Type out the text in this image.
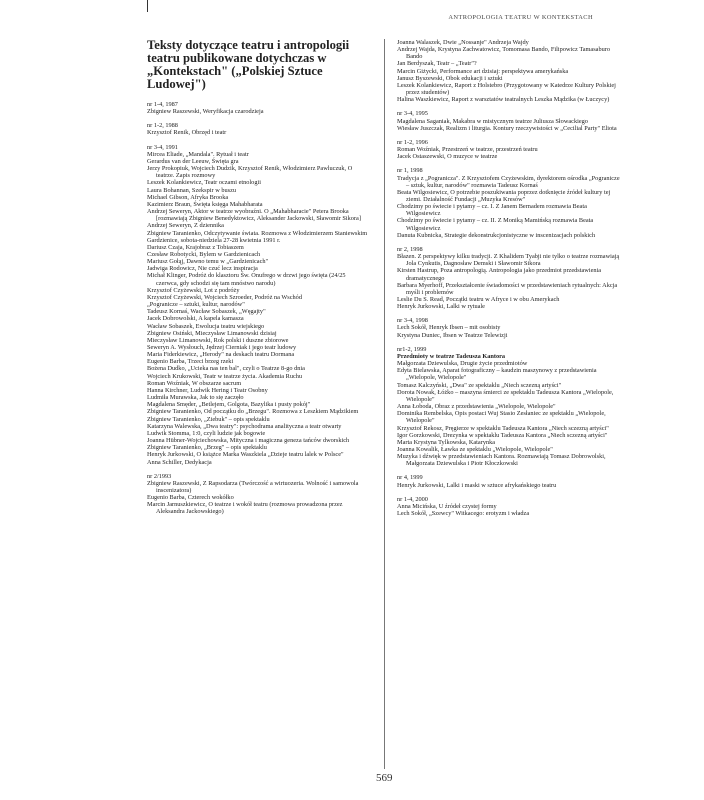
ANTROPOLOGIA TEATRU W KONTEKSTACH
Teksty dotyczące teatru i antropologii teatru publikowane dotychczas w „Kontekstach" („Polskiej Sztuce Ludowej")
nr 1-4, 1987
Zbigniew Raszewski, Weryfikacja czarodzieja
nr 1-2, 1988
Krzysztof Renik, Obrzęd i teatr
nr 3-4, 1991
Mircea Eliade, „Mandala". Rytuał i teatr
Gerardus van der Leeuw, Święta gra
Jerzy Prokopiuk, Wojciech Dudzik, Krzysztof Renik, Włodzimierz Pawluczuk, O teatrze. Zapis rozmowy
Leszek Kolankiewicz, Teatr oczami etnologii
Laura Bohannan, Szekspir w buszu
Michael Gibson, Afryka Brooka
Kazimierz Braun, Święta księga Mahabharata
Andrzej Seweryn, Aktor w teatrze wyobraźni. O „Mahabharacie" Petera Brooka [rozmawiają Zbigniew Benedyktowicz, Aleksander Jackowski, Sławomir Sikora]
Andrzej Seweryn, Z dziennika
Zbigniew Taranienko, Odczytywanie świata. Rozmowa z Włodzimierzem Staniewskim
Gardzienice, sobota-niedziela 27-28 kwietnia 1991 r.
Dariusz Czaja, Krajobraz z Tobiaszem
Czesław Robotycki, Bylem w Gardzienicach
Mariusz Gołąj, Dawno temu w „Gardzienicach"
Jadwiga Rodowicz, Nie czuć lecz inspiracja
Michał Klinger, Podróż do klasztoru Św. Onufrego w drzwi jego święta (24/25 czerwca, gdy schodzi się tam mnóstwo narodu)
Krzysztof Czyżewski, Lot z podróży
Krzysztof Czyżewski, Wojciech Szroeder, Podróż na Wschód
„Pogranicze – sztuki, kultur, narodów"
Tadeusz Kornaś, Wacław Sobaszek, „Węgajty"
Jacek Dobrowolski, A kapela kamasza
Wacław Sobaszek, Ewolucja teatru wiejskiego
Zbigniew Osiński, Mieczysław Limanowski dzisiaj
Mieczysław Limanowski, Rok polski i duszne zbiorowe
Seweryn A. Wysłouch, Jędrzej Cierniak i jego teatr ludowy
Maria Fiderkiewicz, „Herody" na deskach teatru Dormana
Eugenio Barba, Trzeci brzeg rzeki
Bożena Dudko, „Ucieka nas ten bal", czyli o Teatrze 8-go dnia
Wojciech Krukowski, Teatr w teatrze życia. Akademia Ruchu
Roman Woźniak, W obszarze sacrum
Hanna Kirchner, Ludwik Hering i Teatr Osobny
Ludmiła Murawska, Jak to się zaczęło
Magdalena Smęder, „Betlejem, Golgota, Bazylika i pusty pokój"
Zbigniew Taranienko, Od początku do „Brzegu". Rozmowa z Leszkiem Mądzikiem
Zbigniew Taranienko, „Ziebuk" – opis spektaklu
Katarzyna Walewska, „Dwa teatry": psychodrama analityczna a teatr otwarty
Ludwik Stomma, 1:0, czyli ludzie jak bogowie
Joanna Hübner-Wojciechowska, Mityczna i magiczna geneza tańców dworskich
Zbigniew Taranienko, „Brzeg" – opis spektaklu
Henryk Jurkowski, O książce Marka Waszkiela „Dzieje teatru lalek w Polsce"
Anna Schiller, Dedykacja
nr 2/1993
Zbigniew Raszewski, Z Rapsodarza (Twórczość a wirtuozeria. Wolność i samowola inscenizatora)
Eugenio Barba, Czterech wokółko
Marcin Jarnuszkiewicz, O teatrze i wokół teatru (rozmowa prowadzona przez Aleksandra Jackowskiego)
Joanna Walaszek, Dwie „Nossanje" Andrzeja Wajdy
Andrzej Wajda, Krystyna Zachwatowicz, Tomomasa Bando, Filipowicz Tamasaburo Bando
Jan Berdyszak, Teatr – „Teatr"?
Marcin Giżycki, Performance art dzisiaj: perspektywa amerykańska
Janusz Byszewski, Obok edukacji i sztuki
Leszek Kolankiewicz, Raport z Holstebro (Przygotowany w Katedrze Kultury Polskiej przez studentów)
Halina Waszkiewicz, Raport z warsztatów teatralnych Leszka Mądzika (w Łuczycy)
nr 3-4, 1995
Magdalena Saganiak, Makabra w mistycznym teatrze Juliusza Słowackiego
Wiesław Juszczak, Realizm i liturgia. Kontury rzeczywistości w „Cecilial Party" Eliota
nr 1-2, 1996
Roman Woźniak, Przestrzeń w teatrze, przestrzeń teatru
Jacek Ostaszewski, O muzyce w teatrze
nr 1, 1998
Tradycja z „Pogranicza". Z Krzysztofem Czyżewskim, dyrektorem ośrodka „Pogranicze – sztuk, kultur, narodów" rozmawia Tadeusz Kornaś
Beata Wilgosiewicz, O potrzebie poszukiwania poprzez dotknięcie źródeł kultury tej ziemi. Działalność Fundacji „Muzyka Kresów"
Chodzimy po świecie i pytamy – cz. I. Z Janem Bernadem rozmawia Beata Wilgosiewicz
Chodzimy po świecie i pytamy – cz. II. Z Moniką Mamińską rozmawia Beata Wilgosiewicz
Danuta Kubnicka, Strategie dekonstrukcjonistyczne w inscenizacjach polskich
nr 2, 1998
Błazen. Z perspektywy kilku tradycji. Z Khalidem Tyabji nie tylko o teatrze rozmawiają Jola Cynkutis, Dagnosław Demski i Sławomir Sikora
Kirsten Hastrup, Poza antropologią. Antropologia jako przedmiot przedstawienia dramatycznego
Barbara Myerhoff, Przekształcenie świadomości w przedstawieniach rytualnych: Akcja myśli i problemów
Leslie Du S. Read, Początki teatru w Afryce i w obu Amerykach
Henryk Jurkowski, Lalki w rytuale
nr 3-4, 1998
Lech Sokół, Henryk Ibsen – mit osobisty
Krystyna Duniec, Ibsen w Teatrze Telewizji
nr1-2, 1999
Przedmioty w teatrze Tadeusza Kantora
Małgorzata Dziewulska, Drugie życie przedmiotów
Edyta Bielawska, Aparat fotograficzny – kaudzin maszynowy z przedstawienia „Wielopole, Wielopole"
Tomasz Kalczyński, „Dwa" ze spektaklu „Niech sczezną artyści"
Dorota Nowak, Łóżko – maszyna śmierci ze spektaklu Tadeusza Kantora „Wielopole, Wielopole"
Anna Łoboda, Obraz z przedstawienia „Wielopole, Wielopole"
Dominika Rembelska, Opis postaci Wuj Stasio Zesłaniec ze spektaklu „Wielopole, Wielopole"
Krzysztof Rekosz, Pręgierze w spektaklu Tadeusza Kantora „Niech sczezną artyści"
Igor Gorzkowski, Drezynka w spektaklu Tadeusza Kantora „Niech sczezną artyści"
Marta Krystyna Tylkowska, Katarynka
Joanna Kowalik, Ławka ze spektaklu „Wielopole, Wielopole"
Muzyka i dźwięk w przedstawieniach Kantora. Rozmawiają Tomasz Dobrowolski, Małgorzata Dziewulska i Piotr Kłoczkowski
nr 4, 1999
Henryk Jurkowski, Lalki i maski w sztuce afrykańskiego teatru
nr 1-4, 2000
Anna Micińska, U źródeł czystej formy
Lech Sokół, „Szewcy" Witkacego: erotyzm i władza
569
